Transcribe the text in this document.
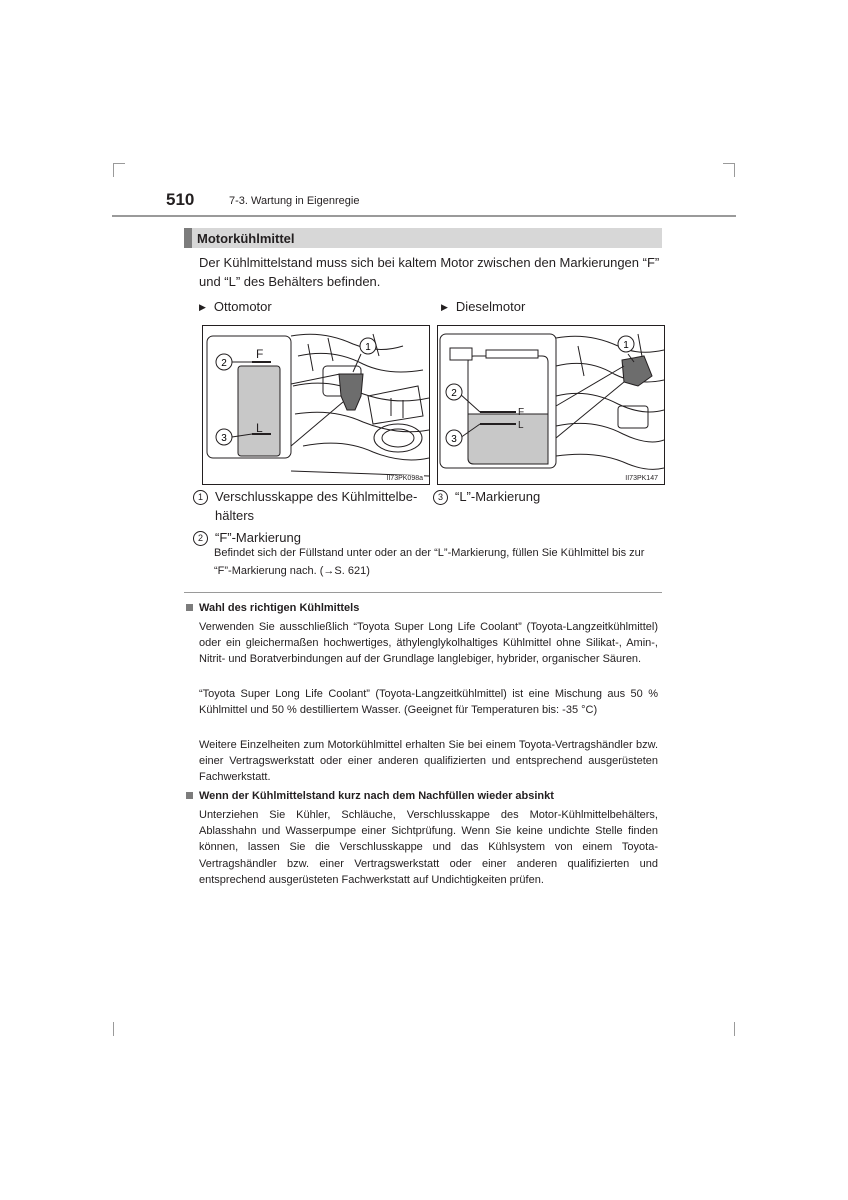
510	7-3. Wartung in Eigenregie
Motorkühlmittel

Der Kühlmittelstand muss sich bei kaltem Motor zwischen den Markierungen “F” und “L” des Behälters befinden.

▶ Ottomotor	▶ Dieselmotor
F
L
2
3
1
II73PK098a
F
L
2
3
1
II73PK147
1 Verschlusskappe des Kühlmittelbe-
hälters
3 “L”-Markierung
2 “F”-Markierung

Befindet sich der Füllstand unter oder an der “L”-Markierung, füllen Sie Kühlmittel bis zur “F”-Markierung nach. (→S. 621)

Wahl des richtigen Kühlmittels

Verwenden Sie ausschließlich “Toyota Super Long Life Coolant” (Toyota-Langzeitkühlmittel) oder ein gleichermaßen hochwertiges, äthylenglykolhaltiges Kühlmittel ohne Silikat-, Amin-, Nitrit- und Boratverbindungen auf der Grundlage langlebiger, hybrider, organischer Säuren.

“Toyota Super Long Life Coolant” (Toyota-Langzeitkühlmittel) ist eine Mischung aus 50 % Kühlmittel und 50 % destilliertem Wasser. (Geeignet für Temperaturen bis: -35 °C)

Weitere Einzelheiten zum Motorkühlmittel erhalten Sie bei einem Toyota-Vertragshändler bzw. einer Vertragswerkstatt oder einer anderen qualifizierten und entsprechend ausgerüsteten Fachwerkstatt.

Wenn der Kühlmittelstand kurz nach dem Nachfüllen wieder absinkt

Unterziehen Sie Kühler, Schläuche, Verschlusskappe des Motor-Kühlmittelbehälters, Ablasshahn und Wasserpumpe einer Sichtprüfung. Wenn Sie keine undichte Stelle finden können, lassen Sie die Verschlusskappe und das Kühlsystem von einem Toyota-Vertragshändler bzw. einer Vertragswerkstatt oder einer anderen qualifizierten und entsprechend ausgerüsteten Fachwerkstatt auf Undichtigkeiten prüfen.
